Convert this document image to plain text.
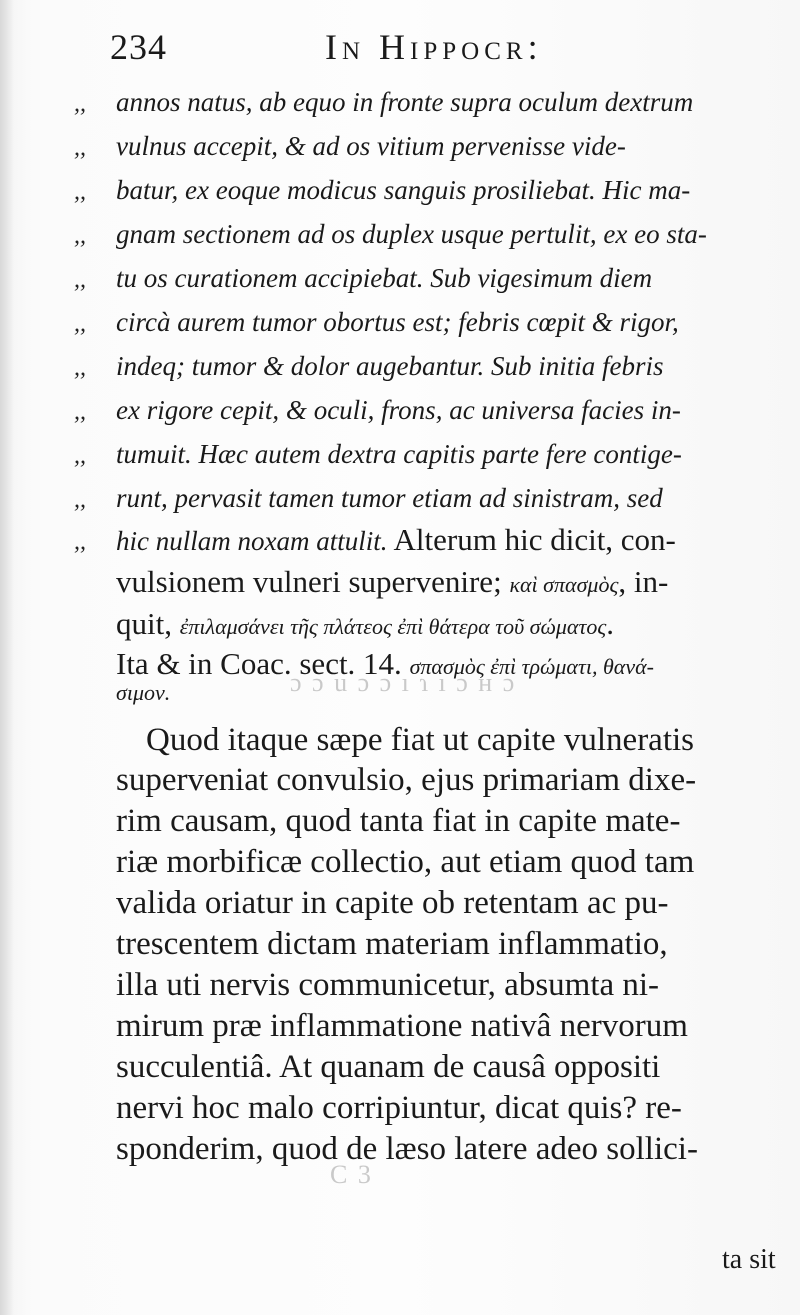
ɔ ɔ u ɔ ɔ ı ɿ ı ɔ ʜ ɔ
C 3
234	In Hippocr:
,,
,,
,,
,,
,,
,,
,,
,,
,,
,,
,,
annos natus, ab equo in fronte supra oculum dextrum
vulnus accepit, & ad os vitium pervenisse vide-
batur, ex eoque modicus sanguis prosiliebat. Hic ma-
gnam sectionem ad os duplex usque pertulit, ex eo sta-
tu os curationem accipiebat. Sub vigesimum diem
circà aurem tumor obortus est; febris cœpit & rigor,
indeq; tumor & dolor augebantur. Sub initia febris
ex rigore cepit, & oculi, frons, ac universa facies in-
tumuit. Hæc autem dextra capitis parte fere contige-
runt, pervasit tamen tumor etiam ad sinistram, sed
hic nullam noxam attulit. Alterum hic dicit, con-
vulsionem vulneri supervenire; καὶ σπασμὸς, in-
quit, ἐπιλαμσάνει τῆς πλάτεος ἐπὶ θάτερα τοῦ σώματος.
Ita & in Coac. sect. 14. σπασμὸς ἐπὶ τρώματι, θανά-
σιμον.
Quod itaque sæpe fiat ut capite vulneratis
superveniat convulsio, ejus primariam dixe-
rim causam, quod tanta fiat in capite mate-
riæ morbificæ collectio, aut etiam quod tam
valida oriatur in capite ob retentam ac pu-
trescentem dictam materiam inflammatio,
illa uti nervis communicetur, absumta ni-
mirum præ inflammatione nativâ nervorum
succulentiâ. At quanam de causâ oppositi
nervi hoc malo corripiuntur, dicat quis? re-
sponderim, quod de læso latere adeo sollici-
ta sit
